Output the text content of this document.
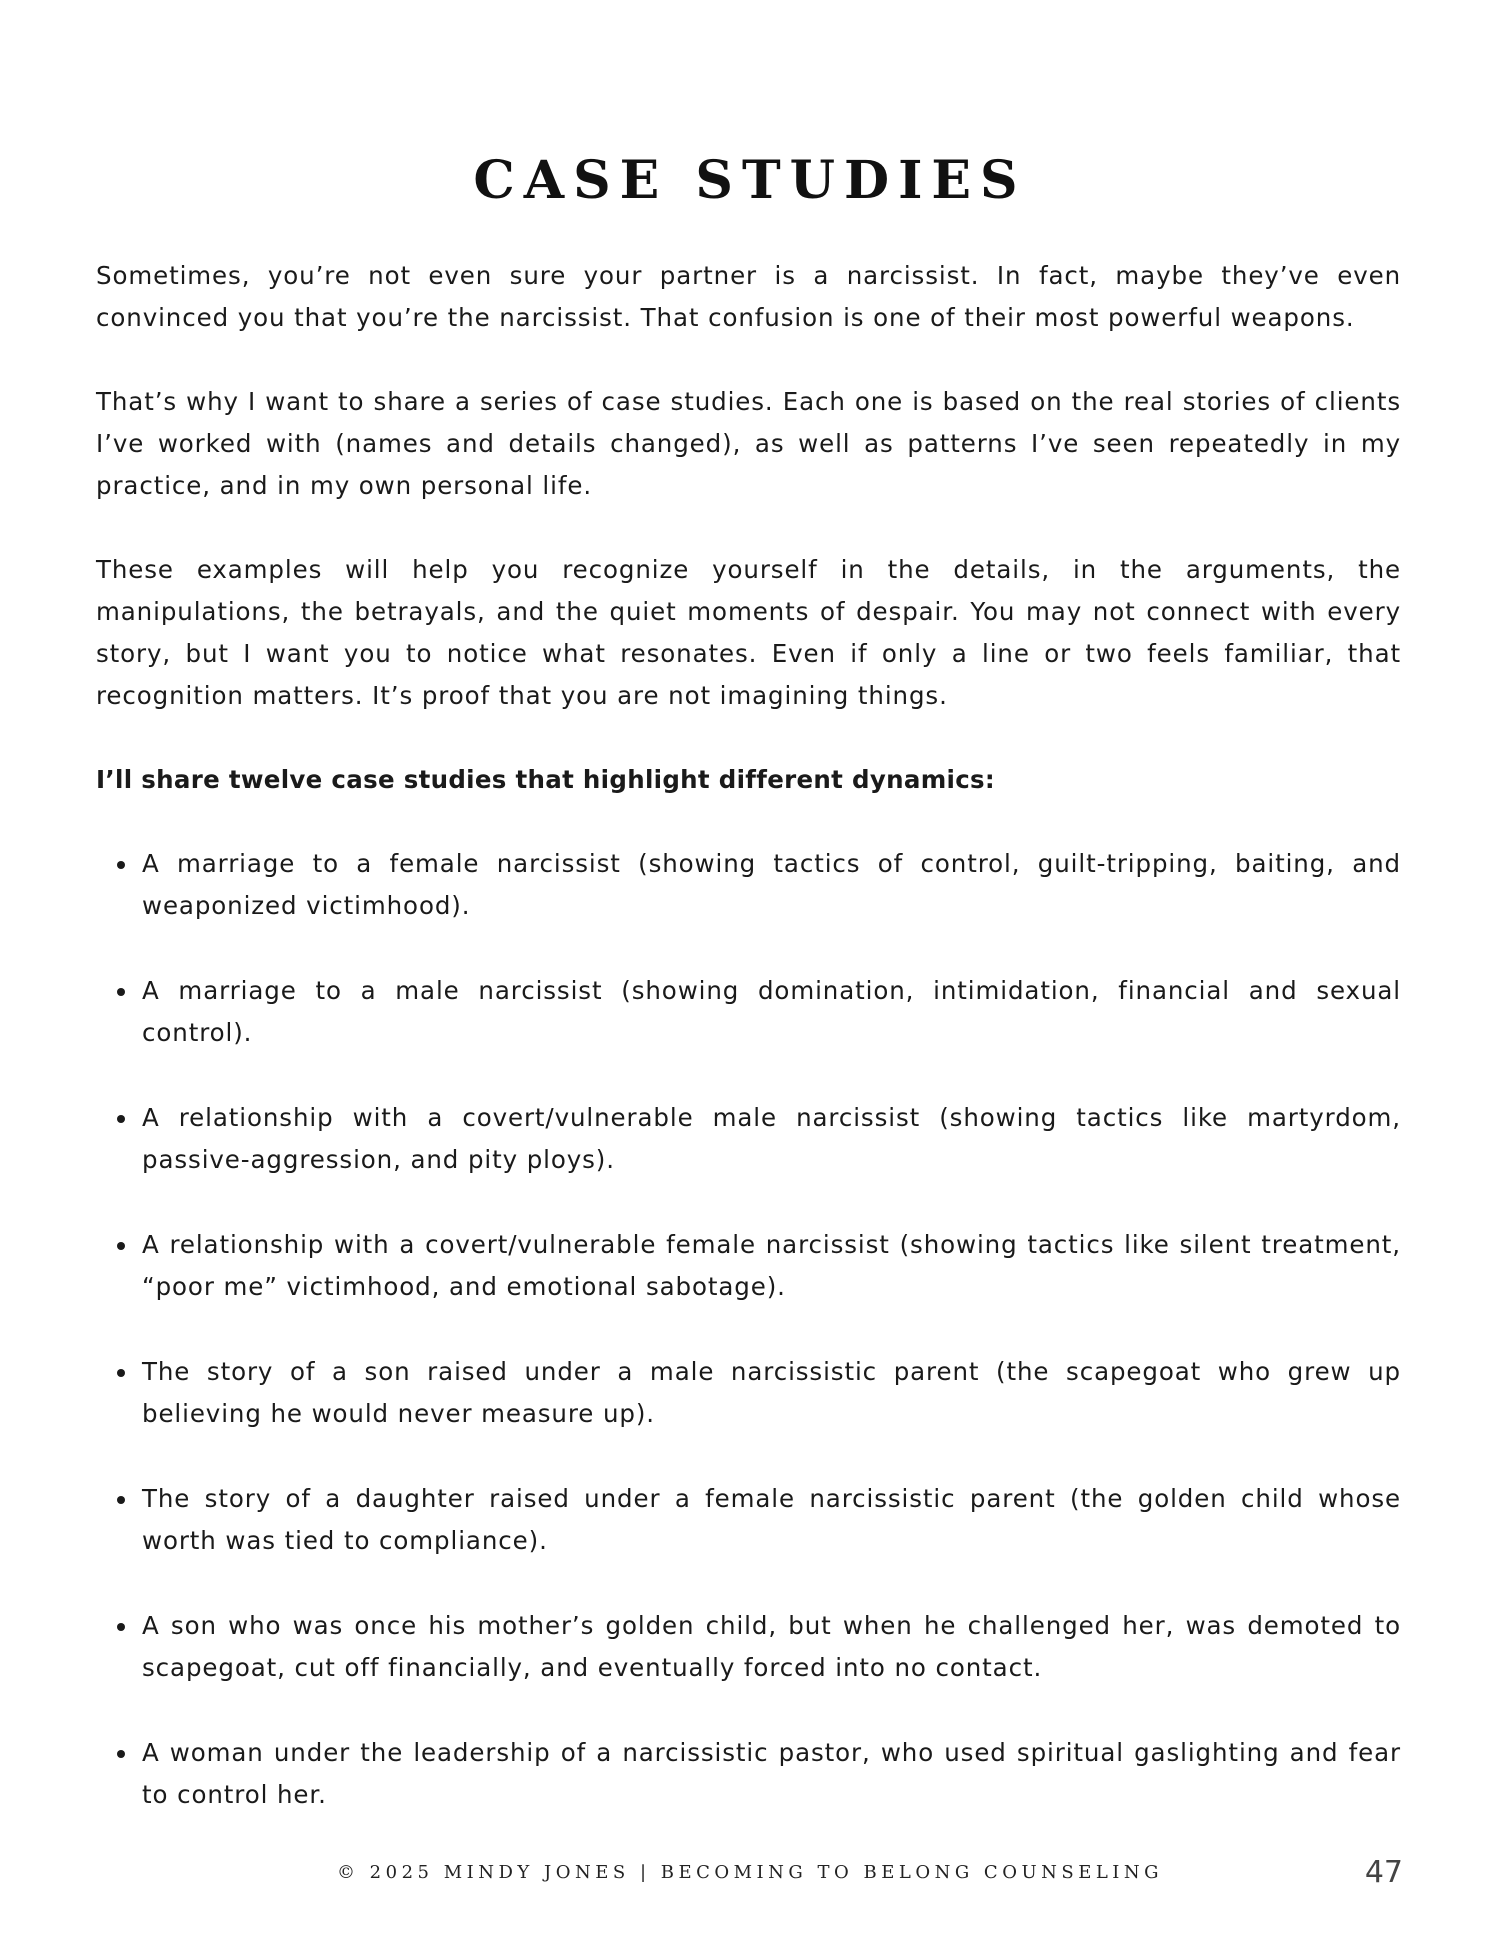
CASE STUDIES

Sometimes, you’re not even sure your partner is a narcissist. In fact, maybe they’ve even convinced you that you’re the narcissist. That confusion is one of their most powerful weapons.

That’s why I want to share a series of case studies. Each one is based on the real stories of clients I’ve worked with (names and details changed), as well as patterns I’ve seen repeatedly in my practice, and in my own personal life.

These examples will help you recognize yourself in the details, in the arguments, the manipulations, the betrayals, and the quiet moments of despair. You may not connect with every story, but I want you to notice what resonates. Even if only a line or two feels familiar, that recognition matters. It’s proof that you are not imagining things.

I’ll share twelve case studies that highlight different dynamics:

A marriage to a female narcissist (showing tactics of control, guilt-tripping, baiting, and weaponized victimhood).
A marriage to a male narcissist (showing domination, intimidation, financial and sexual control).
A relationship with a covert/vulnerable male narcissist (showing tactics like martyrdom, passive-aggression, and pity ploys).
A relationship with a covert/vulnerable female narcissist (showing tactics like silent treatment, “poor me” victimhood, and emotional sabotage).
The story of a son raised under a male narcissistic parent (the scapegoat who grew up believing he would never measure up).
The story of a daughter raised under a female narcissistic parent (the golden child whose worth was tied to compliance).
A son who was once his mother’s golden child, but when he challenged her, was demoted to scapegoat, cut off financially, and eventually forced into no contact.
A woman under the leadership of a narcissistic pastor, who used spiritual gaslighting and fear to control her.
© 2025 MINDY JONES | BECOMING TO BELONG COUNSELING	47
